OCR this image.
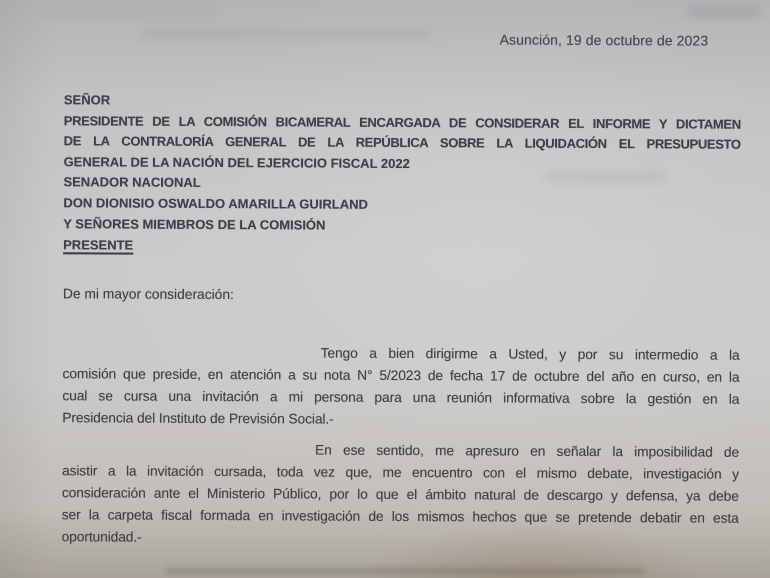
Asunción, 19 de octubre de 2023
SEÑOR
PRESIDENTE DE LA COMISIÓN BICAMERAL ENCARGADA DE CONSIDERAR EL INFORME Y DICTAMEN
DE LA CONTRALORÍA GENERAL DE LA REPÚBLICA SOBRE LA LIQUIDACIÓN EL PRESUPUESTO
GENERAL DE LA NACIÓN DEL EJERCICIO FISCAL 2022
SENADOR NACIONAL
DON DIONISIO OSWALDO AMARILLA GUIRLAND
Y SEÑORES MIEMBROS DE LA COMISIÓN
PRESENTE
De mi mayor consideración:
Tengo a bien dirigirme a Usted, y por su intermedio a la
comisión que preside, en atención a su nota N° 5/2023 de fecha 17 de octubre del año en curso, en la
cual se cursa una invitación a mi persona para una reunión informativa sobre la gestión en la
Presidencia del Instituto de Previsión Social.-
En ese sentido, me apresuro en señalar la imposibilidad de
asistir a la invitación cursada, toda vez que, me encuentro con el mismo debate, investigación y
consideración ante el Ministerio Público, por lo que el ámbito natural de descargo y defensa, ya debe
ser la carpeta fiscal formada en investigación de los mismos hechos que se pretende debatir en esta
oportunidad.-
